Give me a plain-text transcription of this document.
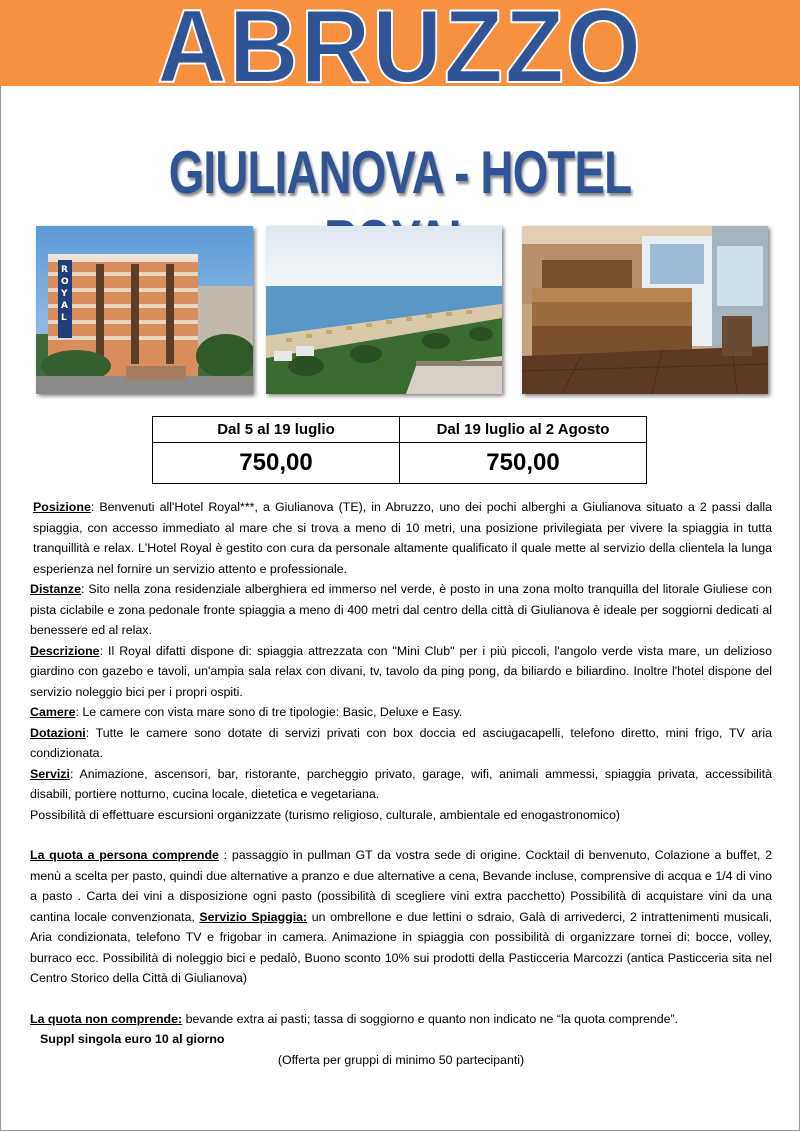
ABRUZZO
GIULIANOVA - HOTEL
R
O
Y
A
L
Dal 5 al 19 luglio	Dal 19 luglio al 2 Agosto
750,00	750,00

Posizione: Benvenuti all'Hotel Royal***, a Giulianova (TE), in Abruzzo, uno dei pochi alberghi a Giulianova situato a 2 passi dalla spiaggia, con accesso immediato al mare che si trova a meno di 10 metri, una posizione privilegiata per vivere la spiaggia in tutta tranquillità e relax. L'Hotel Royal è gestito con cura da personale altamente qualificato il quale mette al servizio della clientela la lunga esperienza nel fornire un servizio attento e professionale.

Distanze: Sito nella zona residenziale alberghiera ed immerso nel verde, è posto in una zona molto tranquilla del litorale Giuliese con pista ciclabile e zona pedonale fronte spiaggia a meno di 400 metri dal centro della città di Giulianova è ideale per soggiorni dedicati al benessere ed al relax.

Descrizione: Il Royal difatti dispone di: spiaggia attrezzata con "Mini Club" per i più piccoli, l'angolo verde vista mare, un delizioso giardino con gazebo e tavoli, un'ampia sala relax con divani, tv, tavolo da ping pong, da biliardo e biliardino. Inoltre l'hotel dispone del servizio noleggio bici per i propri ospiti.

Camere: Le camere con vista mare sono di tre tipologie: Basic, Deluxe e Easy.

Dotazioni: Tutte le camere sono dotate di servizi privati con box doccia ed asciugacapelli, telefono diretto, mini frigo, TV aria condizionata.

Servizi: Animazione, ascensori, bar, ristorante, parcheggio privato, garage, wifi, animali ammessi, spiaggia privata, accessibilità disabili, portiere notturno, cucina locale, dietetica e vegetariana.

Possibilità di effettuare escursioni organizzate (turismo religioso, culturale, ambientale ed enogastronomico)

La quota a persona comprende : passaggio in pullman GT da vostra sede di origine. Cocktail di benvenuto, Colazione a buffet, 2 menù a scelta per pasto, quindi due alternative a pranzo e due alternative a cena, Bevande incluse, comprensive di acqua e 1/4 di vino a pasto . Carta dei vini a disposizione ogni pasto (possibilità di scegliere vini extra pacchetto) Possibilità di acquistare vini da una cantina locale convenzionata, Servizio Spiaggia: un ombrellone e due lettini o sdraio, Galà di arrivederci, 2 intrattenimenti musicali, Aria condizionata, telefono TV e frigobar in camera. Animazione in spiaggia con possibilità di organizzare tornei di: bocce, volley, burraco ecc. Possibilità di noleggio bici e pedalò, Buono sconto 10% sui prodotti della Pasticceria Marcozzi (antica Pasticceria sita nel Centro Storico della Città di Giulianova)

La quota non comprende: bevande extra ai pasti; tassa di soggiorno e quanto non indicato ne “la quota comprende”.

Suppl singola euro 10 al giorno

(Offerta per gruppi di minimo 50 partecipanti)
